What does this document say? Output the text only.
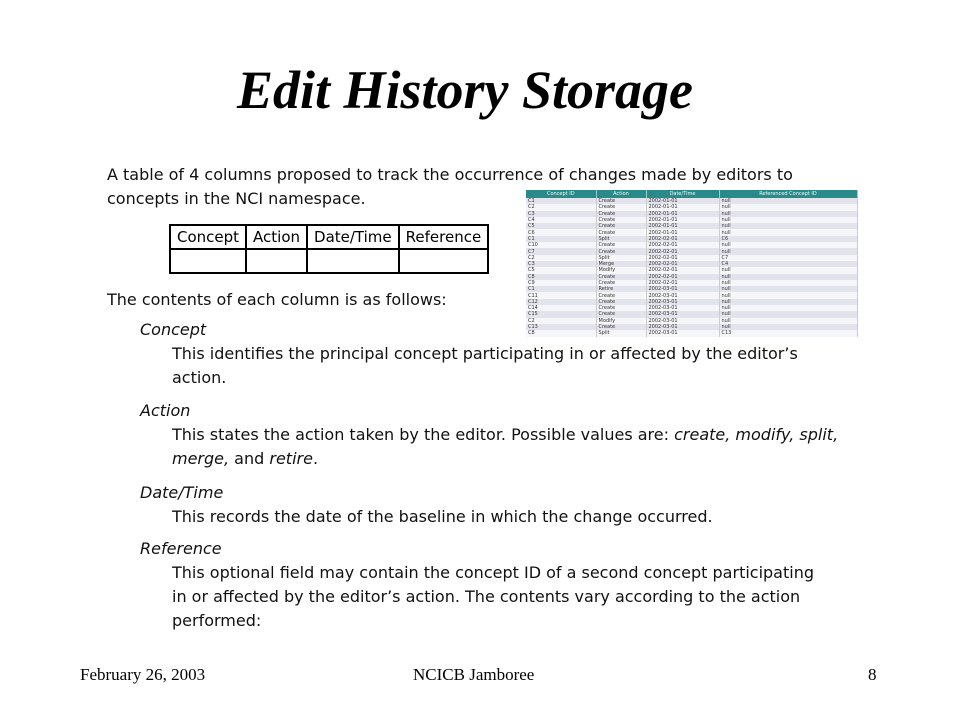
Edit History Storage
A table of 4 columns proposed to track the occurrence of changes made by editors to
concepts in the NCI namespace.
Concept	Action	Date/Time	Reference

Concept ID	Action	Date/Time	Referenced Concept ID
C1	Create	2002-01-01	null
C2	Create	2002-01-01	null
C3	Create	2002-01-01	null
C4	Create	2002-01-01	null
C5	Create	2002-01-01	null
C6	Create	2002-01-01	null
C1	Split	2002-02-01	C6
C10	Create	2002-02-01	null
C7	Create	2002-02-01	null
C2	Split	2002-02-01	C7
C3	Merge	2002-02-01	C4
C5	Modify	2002-02-01	null
C8	Create	2002-02-01	null
C9	Create	2002-02-01	null
C1	Retire	2002-03-01	null
C11	Create	2002-03-01	null
C12	Create	2002-03-01	null
C14	Create	2002-03-01	null
C15	Create	2002-03-01	null
C2	Modify	2002-03-01	null
C13	Create	2002-03-01	null
C8	Split	2002-03-01	C13
The contents of each column is as follows:
Concept
This identifies the principal concept participating in or affected by the editor’s
action.
Action
This states the action taken by the editor. Possible values are: create, modify, split,
merge, and retire.
Date/Time
This records the date of the baseline in which the change occurred.
Reference
This optional field may contain the concept ID of a second concept participating
in or affected by the editor’s action. The contents vary according to the action
performed:
February 26, 2003	NCICB Jamboree	8
